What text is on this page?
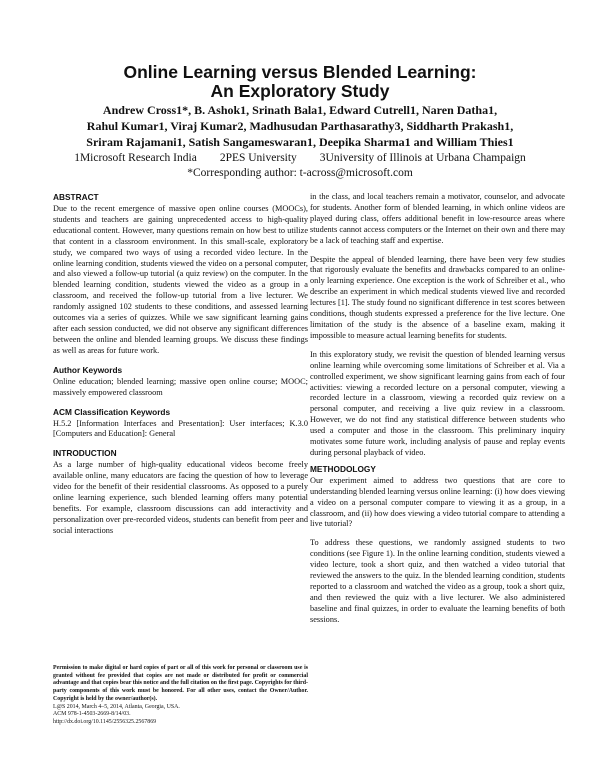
Online Learning versus Blended Learning:
An Exploratory Study
Andrew Cross1*, B. Ashok1, Srinath Bala1, Edward Cutrell1, Naren Datha1,
Rahul Kumar1, Viraj Kumar2, Madhusudan Parthasarathy3, Siddharth Prakash1,
Sriram Rajamani1, Satish Sangameswaran1, Deepika Sharma1 and William Thies1
1Microsoft Research India        2PES University        3University of Illinois at Urbana Champaign
*Corresponding author: t-across@microsoft.com
ABSTRACT
Due to the recent emergence of massive open online courses (MOOCs), students and teachers are gaining unprecedented access to high-quality educational content. However, many questions remain on how best to utilize that content in a classroom environment. In this small-scale, exploratory study, we compared two ways of using a recorded video lecture. In the online learning condition, students viewed the video on a personal computer, and also viewed a follow-up tutorial (a quiz review) on the computer. In the blended learning condition, students viewed the video as a group in a classroom, and received the follow-up tutorial from a live lecturer. We randomly assigned 102 students to these conditions, and assessed learning outcomes via a series of quizzes. While we saw significant learning gains after each session conducted, we did not observe any significant differences between the online and blended learning groups. We discuss these findings as well as areas for future work.
Author Keywords
Online education; blended learning; massive open online course; MOOC; massively empowered classroom
ACM Classification Keywords
H.5.2 [Information Interfaces and Presentation]: User interfaces; K.3.0 [Computers and Education]: General
INTRODUCTION
As a large number of high-quality educational videos become freely available online, many educators are facing the question of how to leverage video for the benefit of their residential classrooms. As opposed to a purely online learning experience, such blended learning offers many potential benefits. For example, classroom discussions can add interactivity and personalization over pre-recorded videos, students can benefit from peer and social interactions
Permission to make digital or hard copies of part or all of this work for personal or classroom use is granted without fee provided that copies are not made or distributed for profit or commercial advantage and that copies bear this notice and the full citation on the first page. Copyrights for third-party components of this work must be honored. For all other uses, contact the Owner/Author. Copyright is held by the owner/author(s).
L@S 2014, March 4–5, 2014, Atlanta, Georgia, USA.
ACM 978-1-4503-2669-8/14/03.
http://dx.doi.org/10.1145/2556325.2567869
in the class, and local teachers remain a motivator, counselor, and advocate for students. Another form of blended learning, in which online videos are played during class, offers additional benefit in low-resource areas where students cannot access computers or the Internet on their own and there may be a lack of teaching staff and expertise.
Despite the appeal of blended learning, there have been very few studies that rigorously evaluate the benefits and drawbacks compared to an online-only learning experience. One exception is the work of Schreiber et al., who describe an experiment in which medical students viewed live and recorded lectures [1]. The study found no significant difference in test scores between conditions, though students expressed a preference for the live lecture. One limitation of the study is the absence of a baseline exam, making it impossible to measure actual learning benefits for students.
In this exploratory study, we revisit the question of blended learning versus online learning while overcoming some limitations of Schreiber et al. Via a controlled experiment, we show significant learning gains from each of four activities: viewing a recorded lecture on a personal computer, viewing a recorded lecture in a classroom, viewing a recorded quiz review on a personal computer, and receiving a live quiz review in a classroom. However, we do not find any statistical difference between students who used a computer and those in the classroom. This preliminary inquiry motivates some future work, including analysis of pause and replay events during personal playback of video.
METHODOLOGY
Our experiment aimed to address two questions that are core to understanding blended learning versus online learning: (i) how does viewing a video on a personal computer compare to viewing it as a group, in a classroom, and (ii) how does viewing a video tutorial compare to attending a live tutorial?
To address these questions, we randomly assigned students to two conditions (see Figure 1). In the online learning condition, students viewed a video lecture, took a short quiz, and then watched a video tutorial that reviewed the answers to the quiz. In the blended learning condition, students reported to a classroom and watched the video as a group, took a short quiz, and then reviewed the quiz with a live lecturer. We also administered baseline and final quizzes, in order to evaluate the learning benefits of both sessions.
